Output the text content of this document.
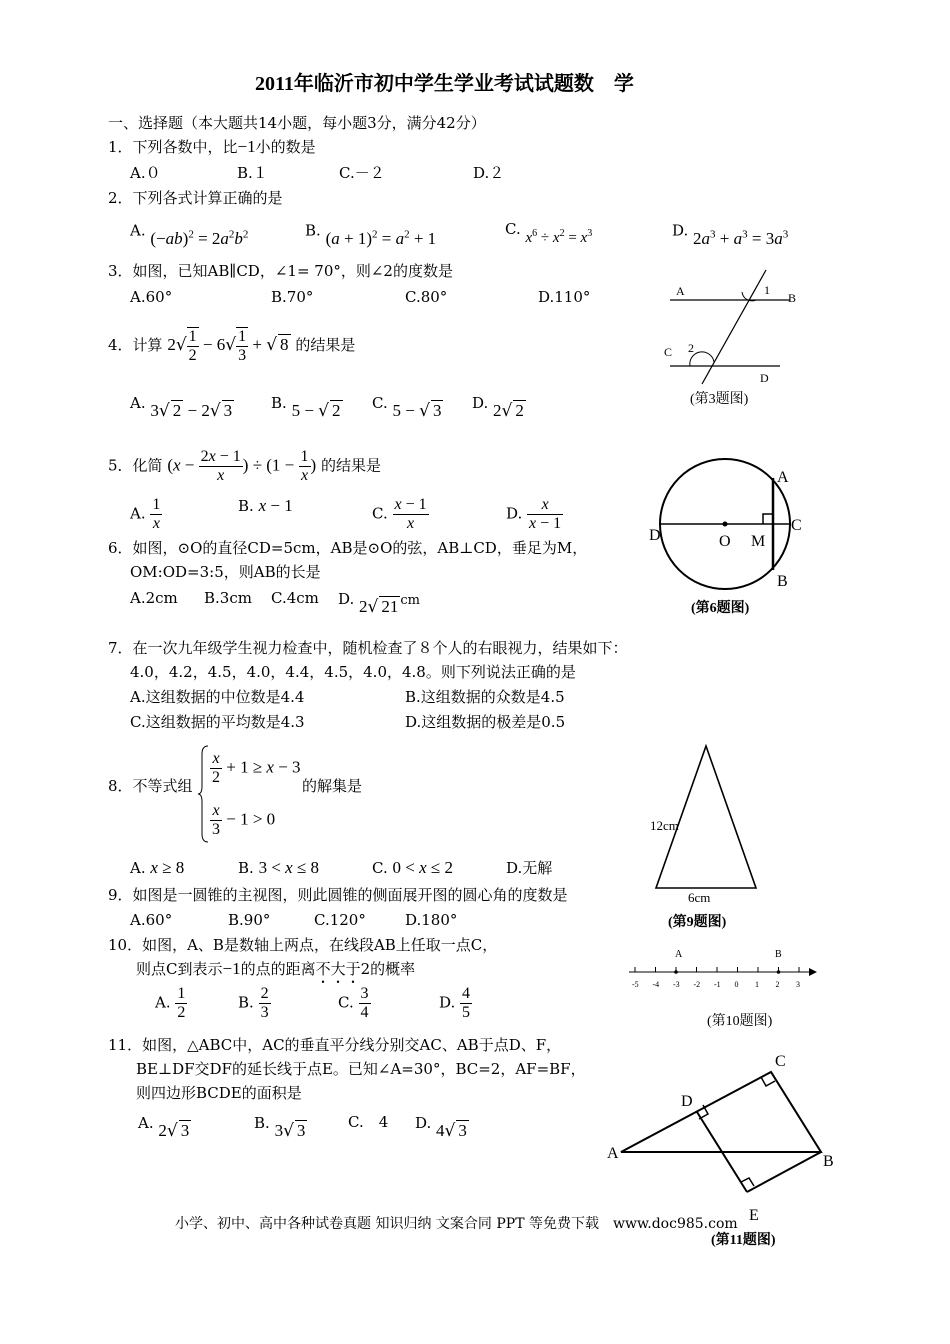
2011年临沂市初中学生学业考试试题数　学
一、选择题（本大题共14小题，每小题3分，满分42分）
1．下列各数中，比−1小的数是
A.０	B.１	C.－２	D.２
2．下列各式计算正确的是
A. $(-ab)^2 = 2a^2b^2$	B. $(a + 1)^2 = a^2 + 1$	C. $x^6 \div x^2 = x^3$	D. $2a^3 + a^3 = 3a^3$
3．如图，已知AB∥CD，∠1= 70°，则∠2的度数是
A.60°	B.70°	C.80°	D.110°
4．计算 $2√ \frac{1}{2} - 6√ \frac{1}{3}$ + √ 8 的结果是
A. 3√ 2 − 2√ 3	B. 5 − √ 2 C. 5 − √ 3 D. 2√ 2
5．化简 ($x - \frac{2x - 1}{x}$ ) ÷ ($1 - \frac{1}{x}$ ) 的结果是
A. $\frac{1}{x}$	B. x − 1	C. $\frac{x - 1}{x}$	D. $\frac{x}{x - 1}$
6．如图，⊙O的直径CD=5cm，AB是⊙O的弦，AB⊥CD，垂足为M，
OM:OD=3:5，则AB的长是
A.2cm B.3cm C.4cm D. 2√ 21 cm
7．在一次九年级学生视力检查中，随机检查了８个人的右眼视力，结果如下：
4.0，4.2，4.5，4.0，4.4，4.5，4.0，4.8。则下列说法正确的是
A.这组数据的中位数是4.4	B.这组数据的众数是4.5
C.这组数据的平均数是4.3	D.这组数据的极差是0.5
8．不等式组 $\frac{x}{2} + 1 \ge x - 3$
$\frac{x}{3} - 1 > 0$
的解集是
A. x ≥ 8	B. 3 < x ≤ 8	C. 0 < x ≤ 2	D.无解
9．如图是一圆锥的主视图，则此圆锥的侧面展开图的圆心角的度数是
A.60°	B.90°	C.120°	D.180°
10．如图，A、B是数轴上两点，在线段AB上任取一点C，
则点C到表示−1的点的距离不大于2的概率
A. $\frac{1}{2}$	B. $\frac{2}{3}$	C. $\frac{3}{4}$	D. $\frac{4}{5}$
11．如图，△ABC中，AC的垂直平分线分别交AC、AB于点D、F，
BE⊥DF交DF的延长线于点E。已知∠A=30°，BC=2，AF=BF，
则四边形BCDE的面积是
A. 2√ 3	B. 3√ 3	C.　4 D. 4√ 3
A	B
C
D
1
2
(第3题图)
A
B
C
D	O M
(第6题图)
12cm
6cm
(第9题图)
-5 -4 -3 -2 -1 0 1 2 3
A	B
(第10题图)
A	B
C
D
E
(第11题图)
小学、初中、高中各种试卷真题 知识归纳 文案合同 PPT 等免费下载　www.doc985.com
